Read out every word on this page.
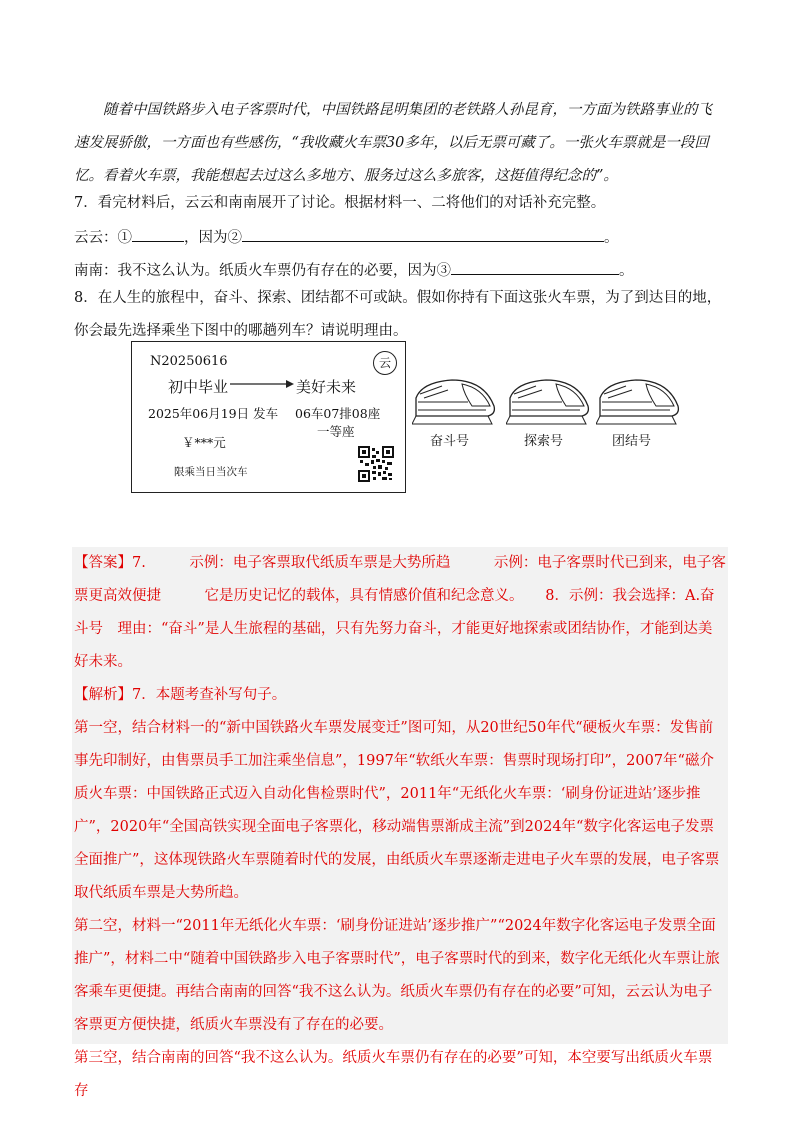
随着中国铁路步入电子客票时代，中国铁路昆明集团的老铁路人孙昆育，一方面为铁路事业的飞速发展骄傲，一方面也有些感伤，“我收藏火车票30多年，以后无票可藏了。一张火车票就是一段回忆。看着火车票，我能想起去过这么多地方、服务过这么多旅客，这挺值得纪念的”。

7．看完材料后，云云和南南展开了讨论。根据材料一、二将他们的对话补充完整。

云云：①	，因为②	。
南南：我不这么认为。纸质火车票仍有存在的必要，因为③	。

8．在人生的旅程中，奋斗、探索、团结都不可或缺。假如你持有下面这张火车票，为了到达目的地，你会最先选择乘坐下图中的哪趟列车？请说明理由。

N20250616	云
初中毕业	美好未来
2025年06月19日 发车 06车07排08座
一等座
￥***元
限乘当日当次车
奋斗号	探索号	团结号
【答案】7.　　　示例：电子客票取代纸质车票是大势所趋　　　示例：电子客票时代已到来，电子客票更高效便捷　　　它是历史记忆的载体，具有情感价值和纪念意义。　　8．示例：我会选择：A.奋斗号　理由：“奋斗”是人生旅程的基础，只有先努力奋斗，才能更好地探索或团结协作，才能到达美好未来。
【解析】7．本题考查补写句子。
第一空，结合材料一的“新中国铁路火车票发展变迁”图可知，从20世纪50年代“硬板火车票：发售前事先印制好，由售票员手工加注乘坐信息”，1997年“软纸火车票：售票时现场打印”，2007年“磁介质火车票：中国铁路正式迈入自动化售检票时代”，2011年“无纸化火车票：‘刷身份证进站’逐步推广”，2020年“全国高铁实现全面电子客票化，移动端售票渐成主流”到2024年“数字化客运电子发票全面推广”，这体现铁路火车票随着时代的发展，由纸质火车票逐渐走进电子火车票的发展，电子客票取代纸质车票是大势所趋。
第二空，材料一“2011年无纸化火车票：‘刷身份证进站’逐步推广”“2024年数字化客运电子发票全面推广”，材料二中“随着中国铁路步入电子客票时代”，电子客票时代的到来，数字化无纸化火车票让旅客乘车更便捷。再结合南南的回答“我不这么认为。纸质火车票仍有存在的必要”可知，云云认为电子客票更方便快捷，纸质火车票没有了存在的必要。
第三空，结合南南的回答“我不这么认为。纸质火车票仍有存在的必要”可知，本空要写出纸质火车票存
